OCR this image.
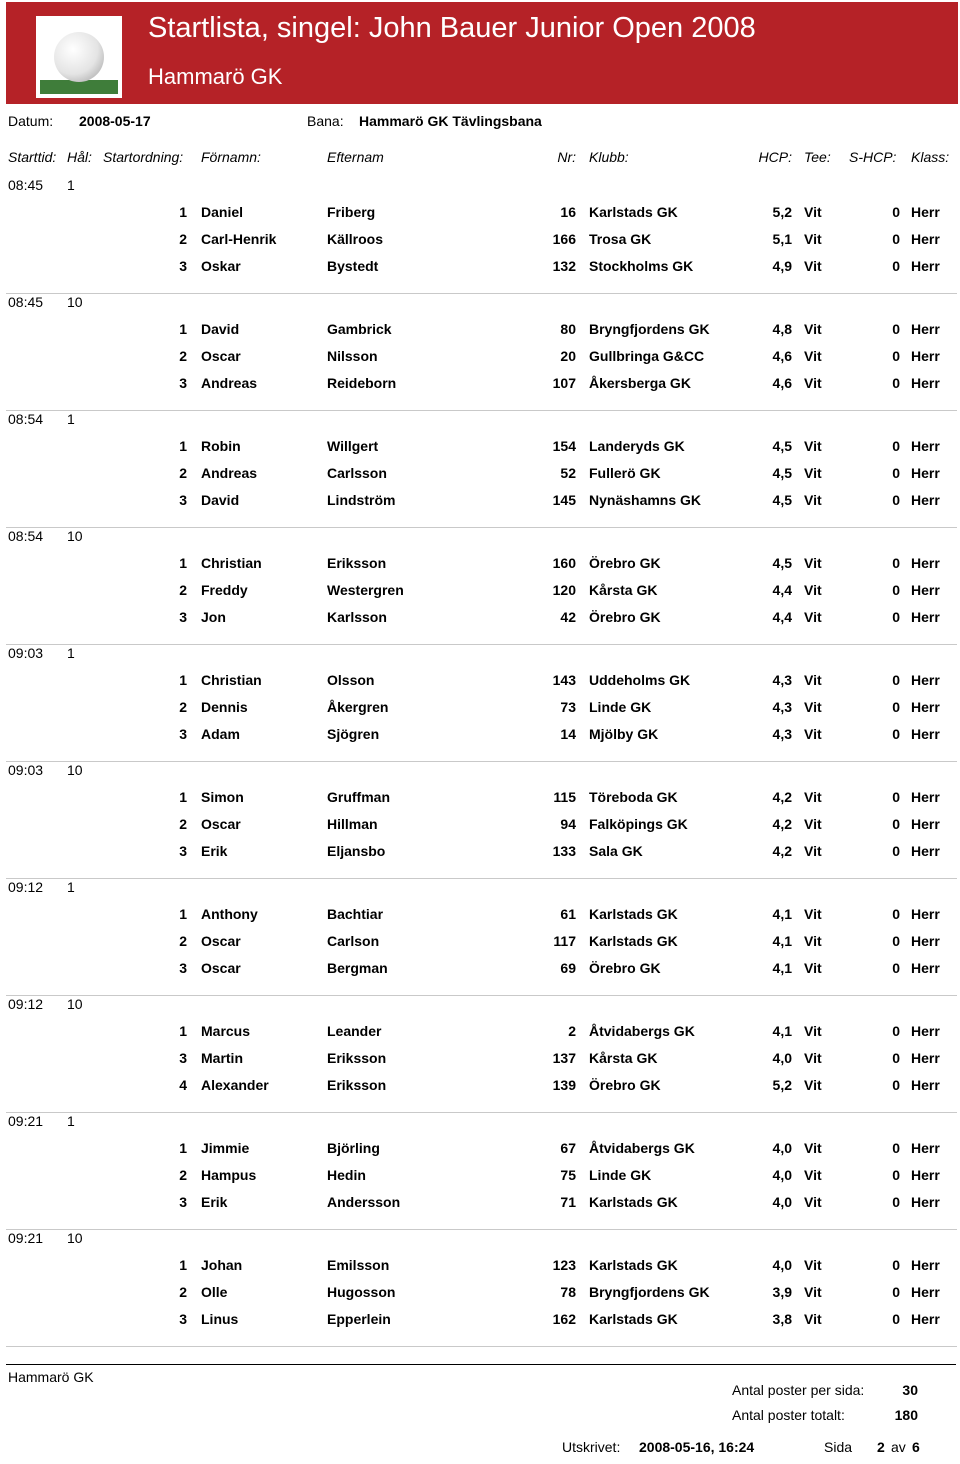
Startlista, singel: John Bauer Junior Open 2008
Hammarö GK
Datum: 2008-05-17	Bana: Hammarö GK Tävlingsbana
Starttid: Hål: Startordning: Förnamn:	Efternam	Nr: Klubb:	HCP: Tee: S-HCP: Klass:
08:45 1
1 Daniel	Friberg	16 Karlstads GK	5,2 Vit	0 Herr
2 Carl-Henrik	Källroos	166 Trosa GK	5,1 Vit	0 Herr
3 Oskar	Bystedt	132 Stockholms GK	4,9 Vit	0 Herr
08:45 10
1 David	Gambrick	80 Bryngfjordens GK	4,8 Vit	0 Herr
2 Oscar	Nilsson	20 Gullbringa G&CC	4,6 Vit	0 Herr
3 Andreas	Reideborn	107 Åkersberga GK	4,6 Vit	0 Herr
08:54 1
1 Robin	Willgert	154 Landeryds GK	4,5 Vit	0 Herr
2 Andreas	Carlsson	52 Fullerö GK	4,5 Vit	0 Herr
3 David	Lindström	145 Nynäshamns GK	4,5 Vit	0 Herr
08:54 10
1 Christian	Eriksson	160 Örebro GK	4,5 Vit	0 Herr
2 Freddy	Westergren	120 Kårsta GK	4,4 Vit	0 Herr
3 Jon	Karlsson	42 Örebro GK	4,4 Vit	0 Herr
09:03 1
1 Christian	Olsson	143 Uddeholms GK	4,3 Vit	0 Herr
2 Dennis	Åkergren	73 Linde GK	4,3 Vit	0 Herr
3 Adam	Sjögren	14 Mjölby GK	4,3 Vit	0 Herr
09:03 10
1 Simon	Gruffman	115 Töreboda GK	4,2 Vit	0 Herr
2 Oscar	Hillman	94 Falköpings GK	4,2 Vit	0 Herr
3 Erik	Eljansbo	133 Sala GK	4,2 Vit	0 Herr
09:12 1
1 Anthony	Bachtiar	61 Karlstads GK	4,1 Vit	0 Herr
2 Oscar	Carlson	117 Karlstads GK	4,1 Vit	0 Herr
3 Oscar	Bergman	69 Örebro GK	4,1 Vit	0 Herr
09:12 10
1 Marcus	Leander	2 Åtvidabergs GK	4,1 Vit	0 Herr
3 Martin	Eriksson	137 Kårsta GK	4,0 Vit	0 Herr
4 Alexander	Eriksson	139 Örebro GK	5,2 Vit	0 Herr
09:21 1
1 Jimmie	Björling	67 Åtvidabergs GK	4,0 Vit	0 Herr
2 Hampus	Hedin	75 Linde GK	4,0 Vit	0 Herr
3 Erik	Andersson	71 Karlstads GK	4,0 Vit	0 Herr
09:21 10
1 Johan	Emilsson	123 Karlstads GK	4,0 Vit	0 Herr
2 Olle	Hugosson	78 Bryngfjordens GK	3,9 Vit	0 Herr
3 Linus	Epperlein	162 Karlstads GK	3,8 Vit	0 Herr
Hammarö GK
Antal poster per sida:	30
Antal poster totalt:	180
Utskrivet: 2008-05-16, 16:24	Sida 2 av 6
